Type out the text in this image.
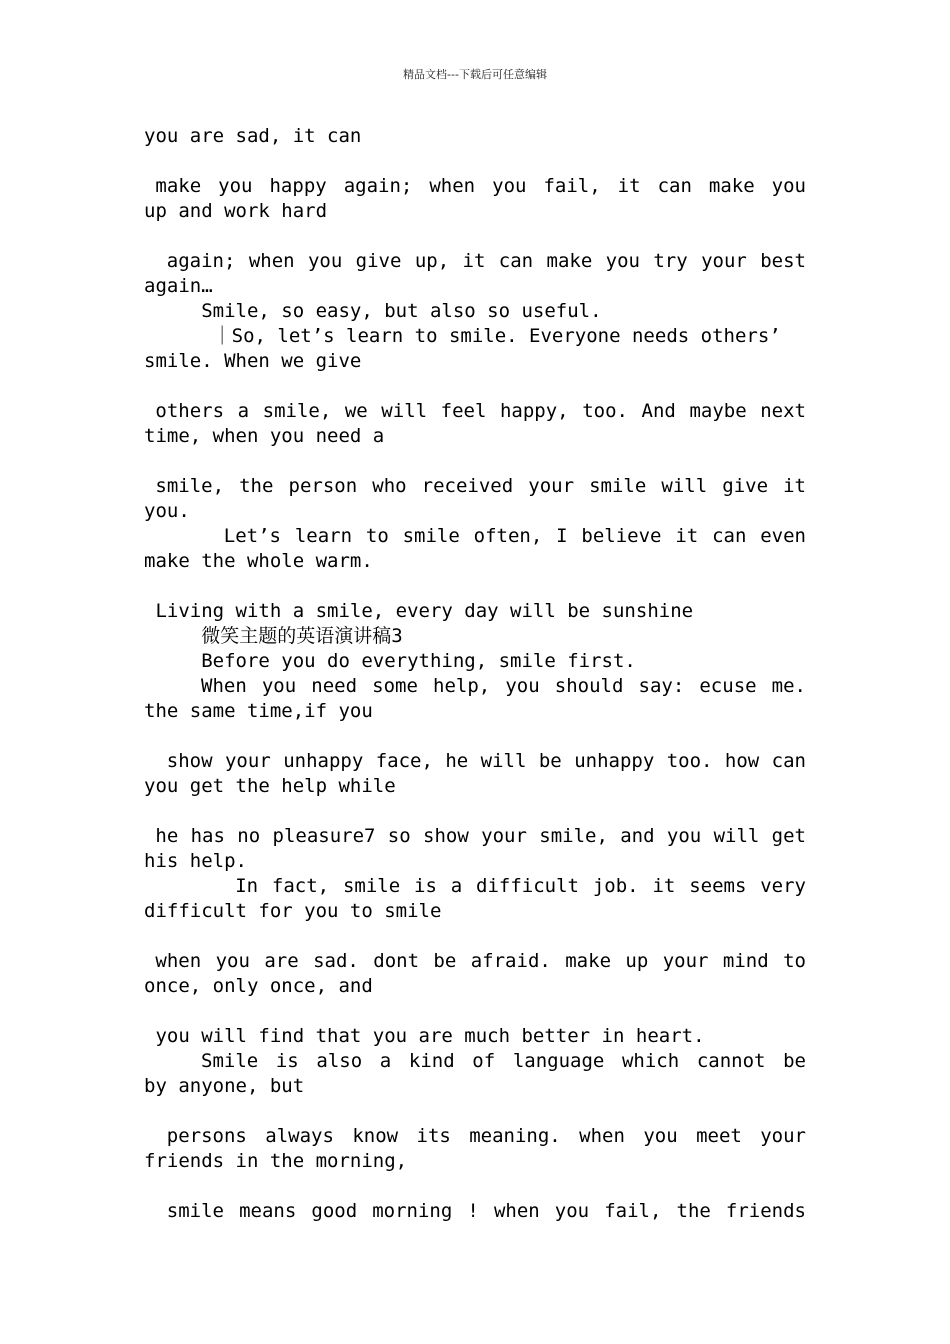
精品文档---下载后可任意编辑
you are sad, it can
make you happy again; when you fail, it can make you
up and work hard
again; when you give up, it can make you try your best
again…
Smile, so easy, but also so useful.
｜So, let’s learn to smile. Everyone needs others’
smile. When we give
others a smile, we will feel happy, too. And maybe next
time, when you need a
smile, the person who received your smile will give it
you.
Let’s learn to smile often, I believe it can even
make the whole warm.
Living with a smile, every day will be sunshine
微笑主题的英语演讲稿3
Before you do everything, smile first.
When you need some help, you should say: ecuse me.
the same time,if you
show your unhappy face, he will be unhappy too. how can
you get the help while
he has no pleasure7 so show your smile, and you will get
his help.
In fact, smile is a difficult job. it seems very
difficult for you to smile
when you are sad. dont be afraid. make up your mind to
once, only once, and
you will find that you are much better in heart.
Smile is also a kind of language which cannot be
by anyone, but
persons always know its meaning. when you meet your
friends in the morning,
smile means good morning ! when you fail, the friends
